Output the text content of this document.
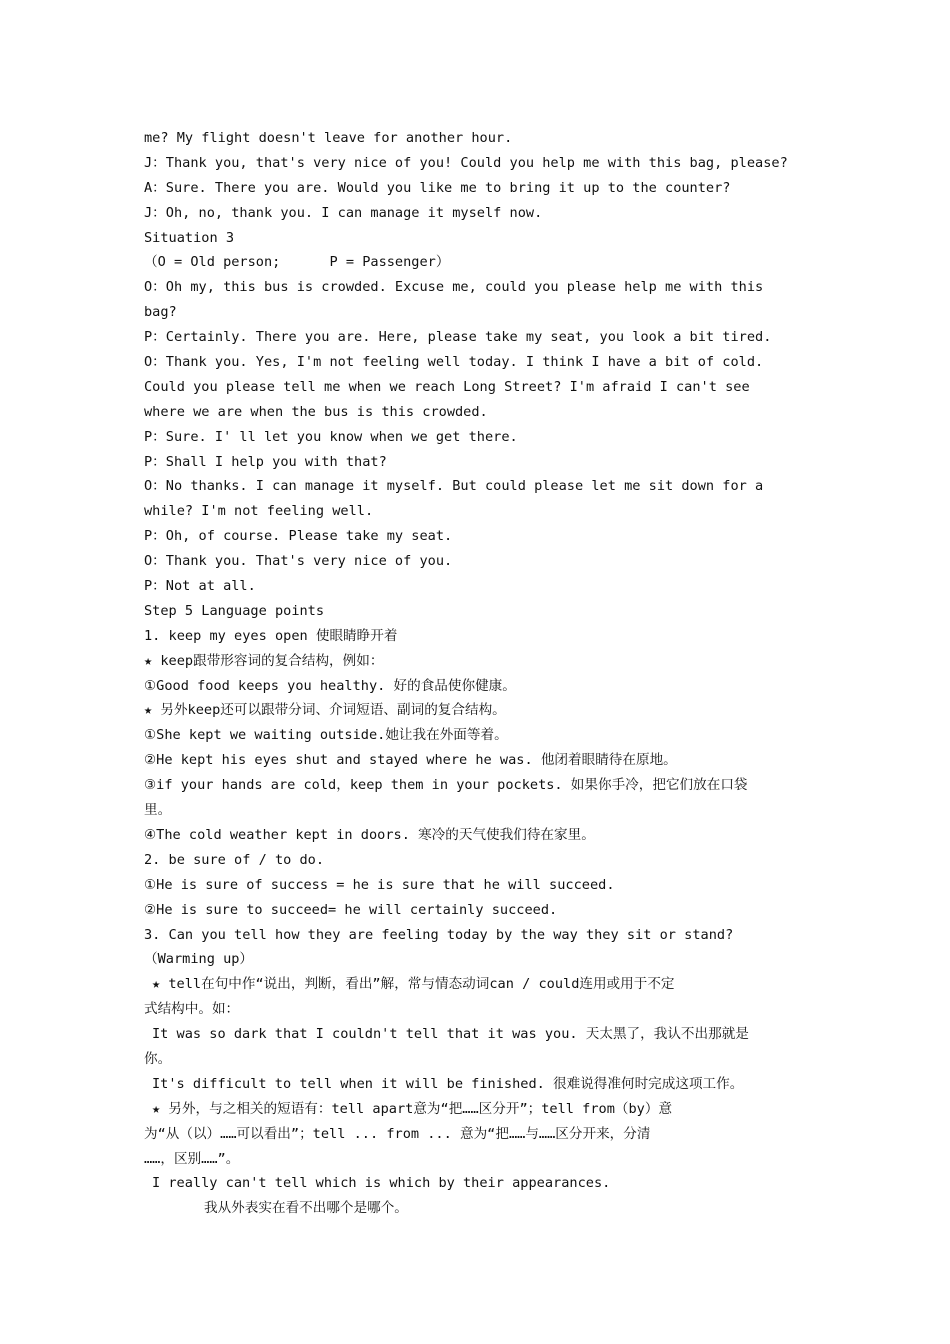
me? My flight doesn't leave for another hour.
J：Thank you, that's very nice of you! Could you help me with this bag, please?
A：Sure. There you are. Would you like me to bring it up to the counter?
J：Oh, no, thank you. I can manage it myself now.
Situation 3
（O = Old person;      P = Passenger）
O：Oh my, this bus is crowded. Excuse me, could you please help me with this
bag?
P：Certainly. There you are. Here, please take my seat, you look a bit tired.
O：Thank you. Yes, I'm not feeling well today. I think I have a bit of cold.
Could you please tell me when we reach Long Street? I'm afraid I can't see
where we are when the bus is this crowded.
P：Sure. I' ll let you know when we get there.
P：Shall I help you with that?
O：No thanks. I can manage it myself. But could please let me sit down for a
while? I'm not feeling well.
P：Oh, of course. Please take my seat.
O：Thank you. That's very nice of you.
P：Not at all.
Step 5 Language points
1. keep my eyes open 使眼睛睁开着
★ keep跟带形容词的复合结构，例如：
①Good food keeps you healthy. 好的食品使你健康。
★ 另外keep还可以跟带分词、介词短语、副词的复合结构。
①She kept we waiting outside.她让我在外面等着。
②He kept his eyes shut and stayed where he was. 他闭着眼睛待在原地。
③if your hands are cold，keep them in your pockets. 如果你手冷，把它们放在口袋
里。
④The cold weather kept in doors. 寒冷的天气使我们待在家里。
2. be sure of / to do.
①He is sure of success = he is sure that he will succeed.
②He is sure to succeed= he will certainly succeed.
3. Can you tell how they are feeling today by the way they sit or stand?
（Warming up）
★ tell在句中作“说出，判断，看出”解，常与情态动词can / could连用或用于不定
式结构中。如：
It was so dark that I couldn't tell that it was you. 天太黑了，我认不出那就是
你。
It's difficult to tell when it will be finished. 很难说得准何时完成这项工作。
★ 另外，与之相关的短语有：tell apart意为“把……区分开”；tell from（by）意
为“从（以）……可以看出”；tell ... from ... 意为“把……与……区分开来，分清
……，区别……”。
I really can't tell which is which by their appearances.
我从外表实在看不出哪个是哪个。
